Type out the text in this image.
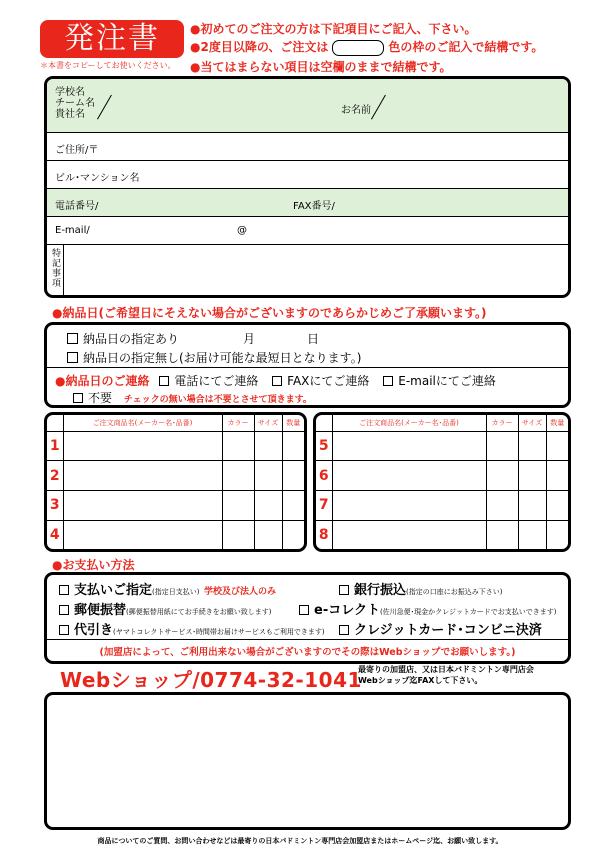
発注書
＊本書をコピーしてお使いください。
●初めてのご注文の方は下記項目にご記入、下さい。
●2度目以降の、ご注文は	色の枠のご記入で結構です。
●当てはまらない項目は空欄のままで結構です。
学校名
チーム名
貴社名	お名前
ご住所/〒
ビル･マンション名
電話番号/	FAX番号/
E-mail/	@
特記事項
●納品日(ご希望日にそえない場合がございますのであらかじめご了承願います。)
納品日の指定あり	月	日
納品日の指定無し(お届け可能な最短日となります。)
●納品日のご連絡 電話にてご連絡 FAXにてご連絡 E-mailにてご連絡
不要 チェックの無い場合は不要とさせて頂きます。
	ご注文商品名(メーカー名･品番)	カラー	サイズ	数量
1				
2				
3				
4				
	ご注文商品名(メーカー名･品番)	カラー	サイズ	数量
5				
6				
7				
8				
●お支払い方法
支払いご指定(指定日支払い) 学校及び法人のみ	銀行振込(指定の口座にお振込み下さい)
郵便振替(郵便振替用紙にてお手続きをお願い致します)	e-コレクト(佐川急便･現金かクレジットカードでお支払いできます)
代引き(ヤマトコレクトサービス･時間帯お届けサービスもご利用できます)	クレジットカード･コンビニ決済
(加盟店によって、ご利用出来ない場合がございますのでその際はWebショップでお願いします。)
Webショップ/0774-32-1041
最寄りの加盟店、又は日本バドミントン専門店会
Webショップ迄FAXして下さい。
商品についてのご質問、お問い合わせなどは最寄りの日本バドミントン専門店会加盟店またはホームページ迄、お願い致します。
